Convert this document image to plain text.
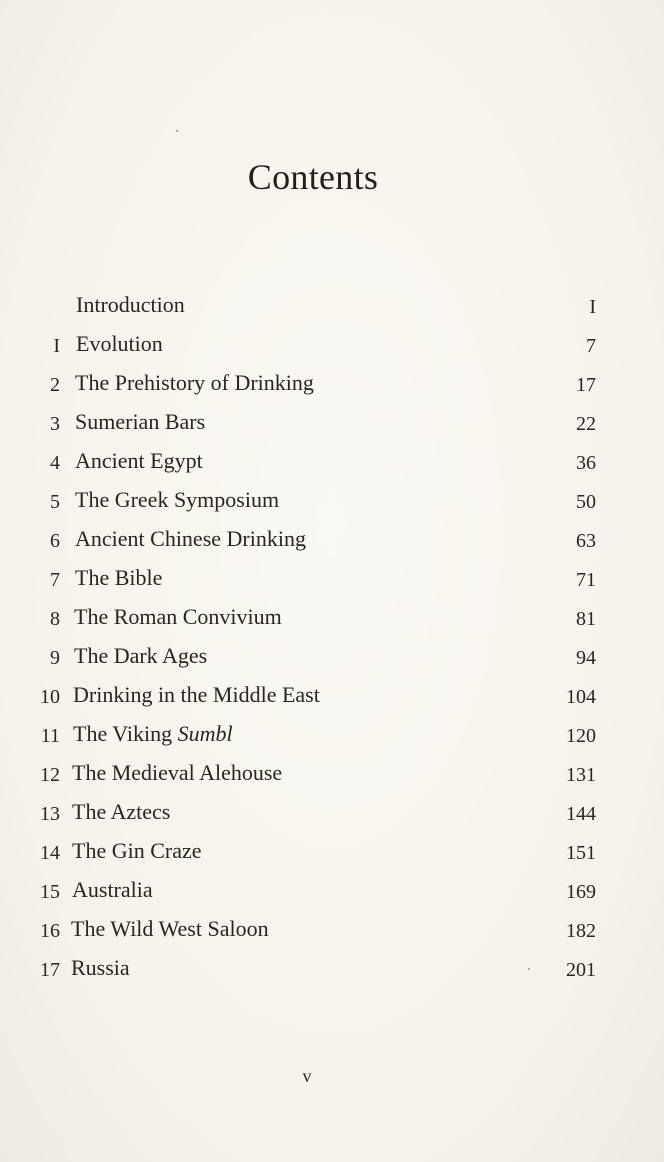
Contents
Introduction	I
I Evolution	7
2 The Prehistory of Drinking	17
3 Sumerian Bars	22
4 Ancient Egypt	36
5 The Greek Symposium	50
6 Ancient Chinese Drinking	63
7 The Bible	71
8 The Roman Convivium	81
9 The Dark Ages	94
10 Drinking in the Middle East	104
11 The Viking Sumbl	120
12 The Medieval Alehouse	131
13 The Aztecs	144
14 The Gin Craze	151
15 Australia	169
16 The Wild West Saloon	182
17 Russia	201
v
